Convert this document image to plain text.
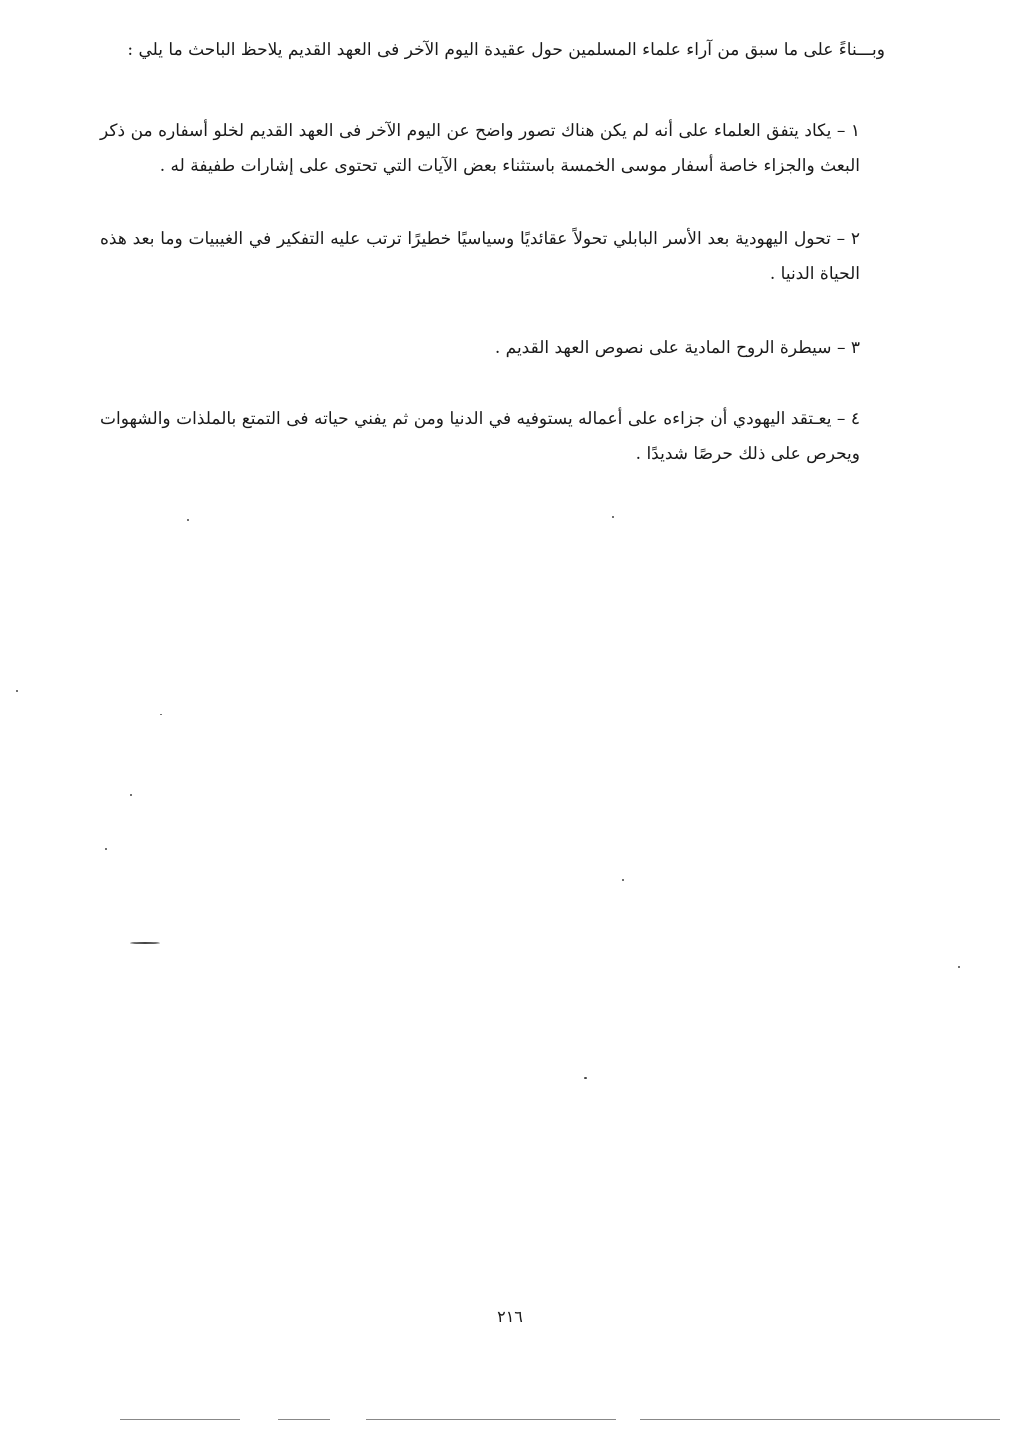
وبـــناءً على ما سبق من آراء علماء المسلمين حول عقيدة اليوم الآخر فى العهد القديم يلاحظ الباحث ما يلي :

١ – يكاد يتفق العلماء على أنه لم يكن هناك تصور واضح عن اليوم الآخر فى العهد القديم لخلو أسفاره من ذكر البعث والجزاء خاصة أسفار موسى الخمسة باستثناء بعض الآيات التي تحتوى على إشارات طفيفة له .

٢ – تحول اليهودية بعد الأسر البابلي تحولاً عقائديًا وسياسيًا خطيرًا ترتب عليه التفكير في الغيبيات وما بعد هذه الحياة الدنيا .

٣ – سيطرة الروح المادية على نصوص العهد القديم .

٤ – يعـتقد اليهودي أن جزاءه على أعماله يستوفيه في الدنيا ومن ثم يفني حياته فى التمتع بالملذات والشهوات ويحرص على ذلك حرصًا شديدًا .

٢١٦
